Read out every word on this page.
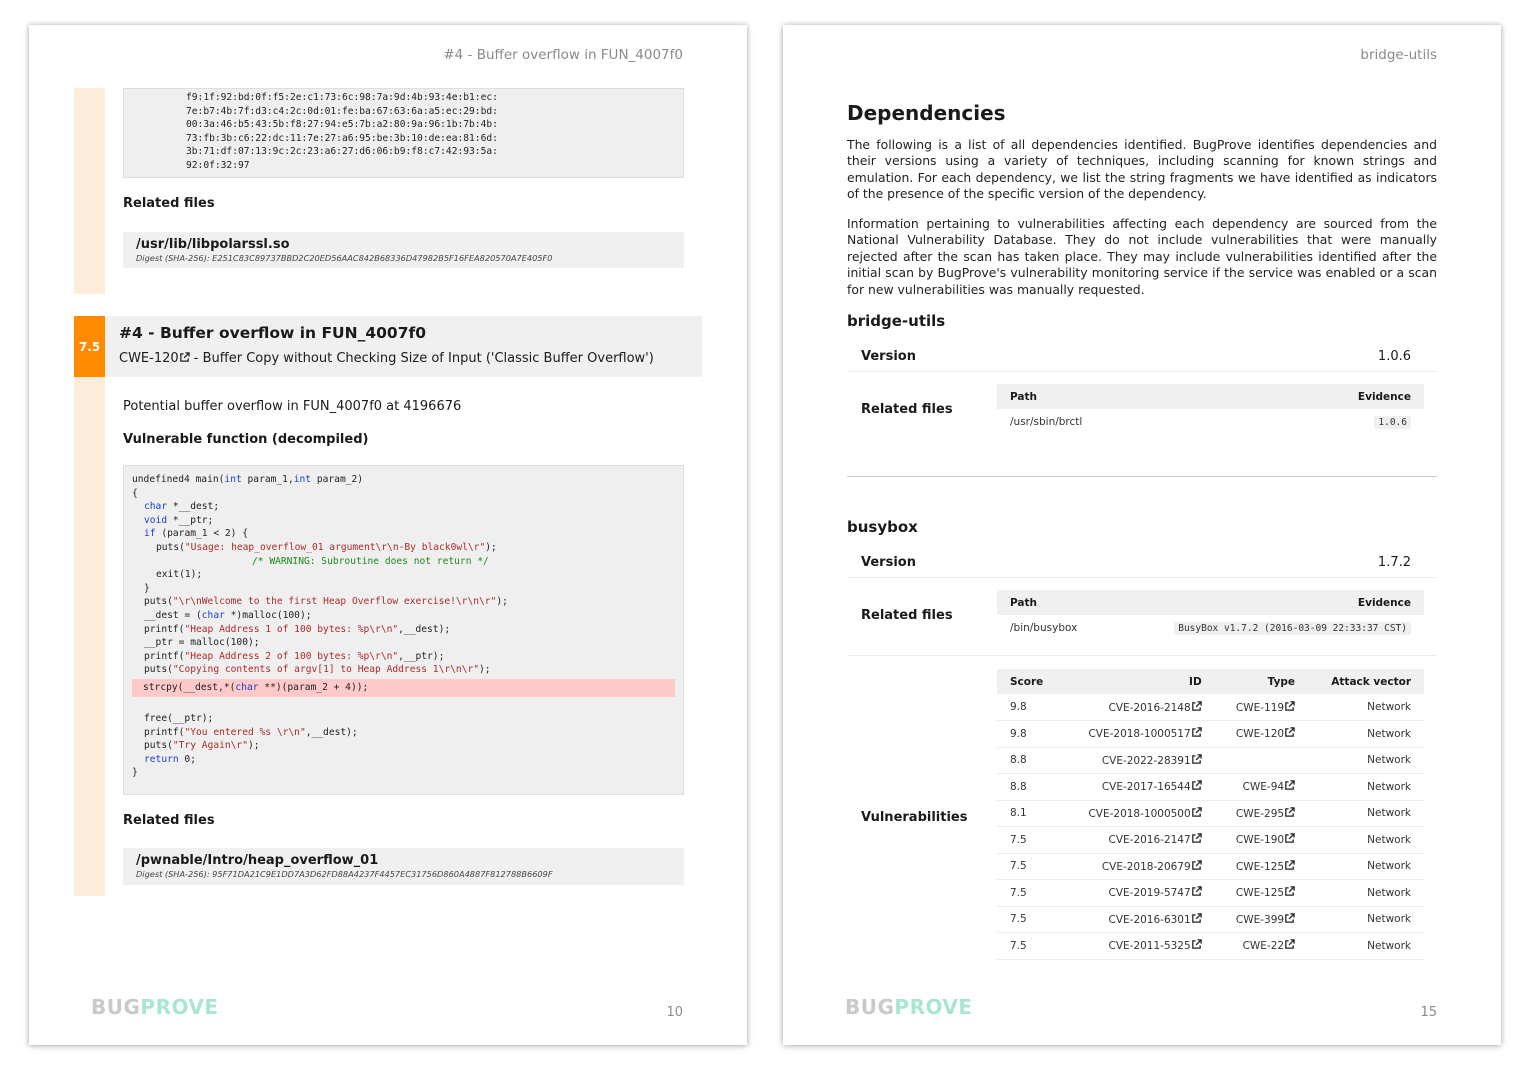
#4 - Buffer overflow in FUN_4007f0
f9:1f:92:bd:0f:f5:2e:c1:73:6c:98:7a:9d:4b:93:4e:b1:ec:
7e:b7:4b:7f:d3:c4:2c:0d:01:fe:ba:67:63:6a:a5:ec:29:bd:
00:3a:46:b5:43:5b:f8:27:94:e5:7b:a2:80:9a:96:1b:7b:4b:
73:fb:3b:c6:22:dc:11:7e:27:a6:95:be:3b:10:de:ea:81:6d:
3b:71:df:07:13:9c:2c:23:a6:27:d6:06:b9:f8:c7:42:93:5a:
92:0f:32:97
Related files
/usr/lib/libpolarssl.so
Digest (SHA-256): E251C83C89737BBD2C20ED56AAC842B68336D47982B5F16FEA820570A7E405F0
7.5
#4 - Buffer overflow in FUN_4007f0
CWE-120 - Buffer Copy without Checking Size of Input ('Classic Buffer Overflow')
Potential buffer overflow in FUN_4007f0 at 4196676
Vulnerable function (decompiled)
undefined4 main(int param_1,int param_2)
{
char *__dest;
void *__ptr;
if (param_1 < 2) {
puts("Usage: heap_overflow_01 argument\r\n-By black0wl\r");
/* WARNING: Subroutine does not return */
exit(1);
}
puts("\r\nWelcome to the first Heap Overflow exercise!\r\n\r");
__dest = (char *)malloc(100);
printf("Heap Address 1 of 100 bytes: %p\r\n",__dest);
__ptr = malloc(100);
printf("Heap Address 2 of 100 bytes: %p\r\n",__ptr);
puts("Copying contents of argv[1] to Heap Address 1\r\n\r");
strcpy(__dest,*(char **)(param_2 + 4));
free(__ptr);
printf("You entered %s \r\n",__dest);
puts("Try Again\r");
return 0;
}
Related files
/pwnable/Intro/heap_overflow_01
Digest (SHA-256): 95F71DA21C9E1DD7A3D62FD88A4237F4457EC31756D860A4887F812788B6609F
BUGPROVE	10
bridge-utils
Dependencies
The following is a list of all dependencies identified. BugProve identifies dependencies and their versions using a variety of techniques, including scanning for known strings and emulation. For each dependency, we list the string fragments we have identified as indicators of the presence of the specific version of the dependency.
Information pertaining to vulnerabilities affecting each dependency are sourced from the National Vulnerability Database. They do not include vulnerabilities that were manually rejected after the scan has taken place. They may include vulnerabilities identified after the initial scan by BugProve's vulnerability monitoring service if the service was enabled or a scan for new vulnerabilities was manually requested.
bridge-utils
Version	1.0.6
Related files
Path	Evidence
/usr/sbin/brctl	1.0.6
busybox
Version	1.7.2
Related files
Path	Evidence
/bin/busybox	BusyBox v1.7.2 (2016-03-09 22:33:37 CST)
Vulnerabilities
Score	ID	Type	Attack vector
9.8	CVE-2016-2148	CWE-119	Network
9.8	CVE-2018-1000517	CWE-120	Network
8.8	CVE-2022-28391		Network
8.8	CVE-2017-16544	CWE-94	Network
8.1	CVE-2018-1000500	CWE-295	Network
7.5	CVE-2016-2147	CWE-190	Network
7.5	CVE-2018-20679	CWE-125	Network
7.5	CVE-2019-5747	CWE-125	Network
7.5	CVE-2016-6301	CWE-399	Network
7.5	CVE-2011-5325	CWE-22	Network
BUGPROVE	15
